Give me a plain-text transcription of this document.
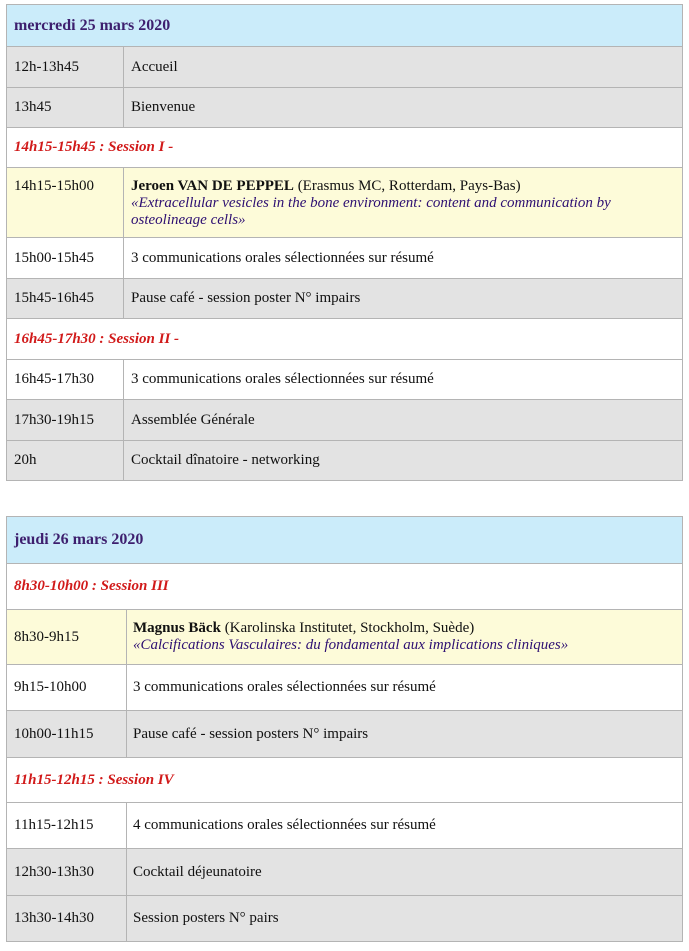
mercredi 25 mars 2020	
12h-13h45	Accueil
13h45	Bienvenue
14h15-15h45 : Session I -	
14h15-15h00	Jeroen VAN DE PEPPEL (Erasmus MC, Rotterdam, Pays-Bas)
«Extracellular vesicles in the bone environment: content and communication by osteolineage cells»
15h00-15h45	3 communications orales sélectionnées sur résumé
15h45-16h45	Pause café - session poster N° impairs
16h45-17h30 : Session II -	
16h45-17h30	3 communications orales sélectionnées sur résumé
17h30-19h15	Assemblée Générale
20h	Cocktail dînatoire - networking
jeudi 26 mars 2020	
8h30-10h00 : Session III	
8h30-9h15	Magnus Bäck (Karolinska Institutet, Stockholm, Suède)
«Calcifications Vasculaires: du fondamental aux implications cliniques»
9h15-10h00	3 communications orales sélectionnées sur résumé
10h00-11h15	Pause café - session posters N° impairs
11h15-12h15 : Session IV	
11h15-12h15	4 communications orales sélectionnées sur résumé
12h30-13h30	Cocktail déjeunatoire
13h30-14h30	Session posters N° pairs
